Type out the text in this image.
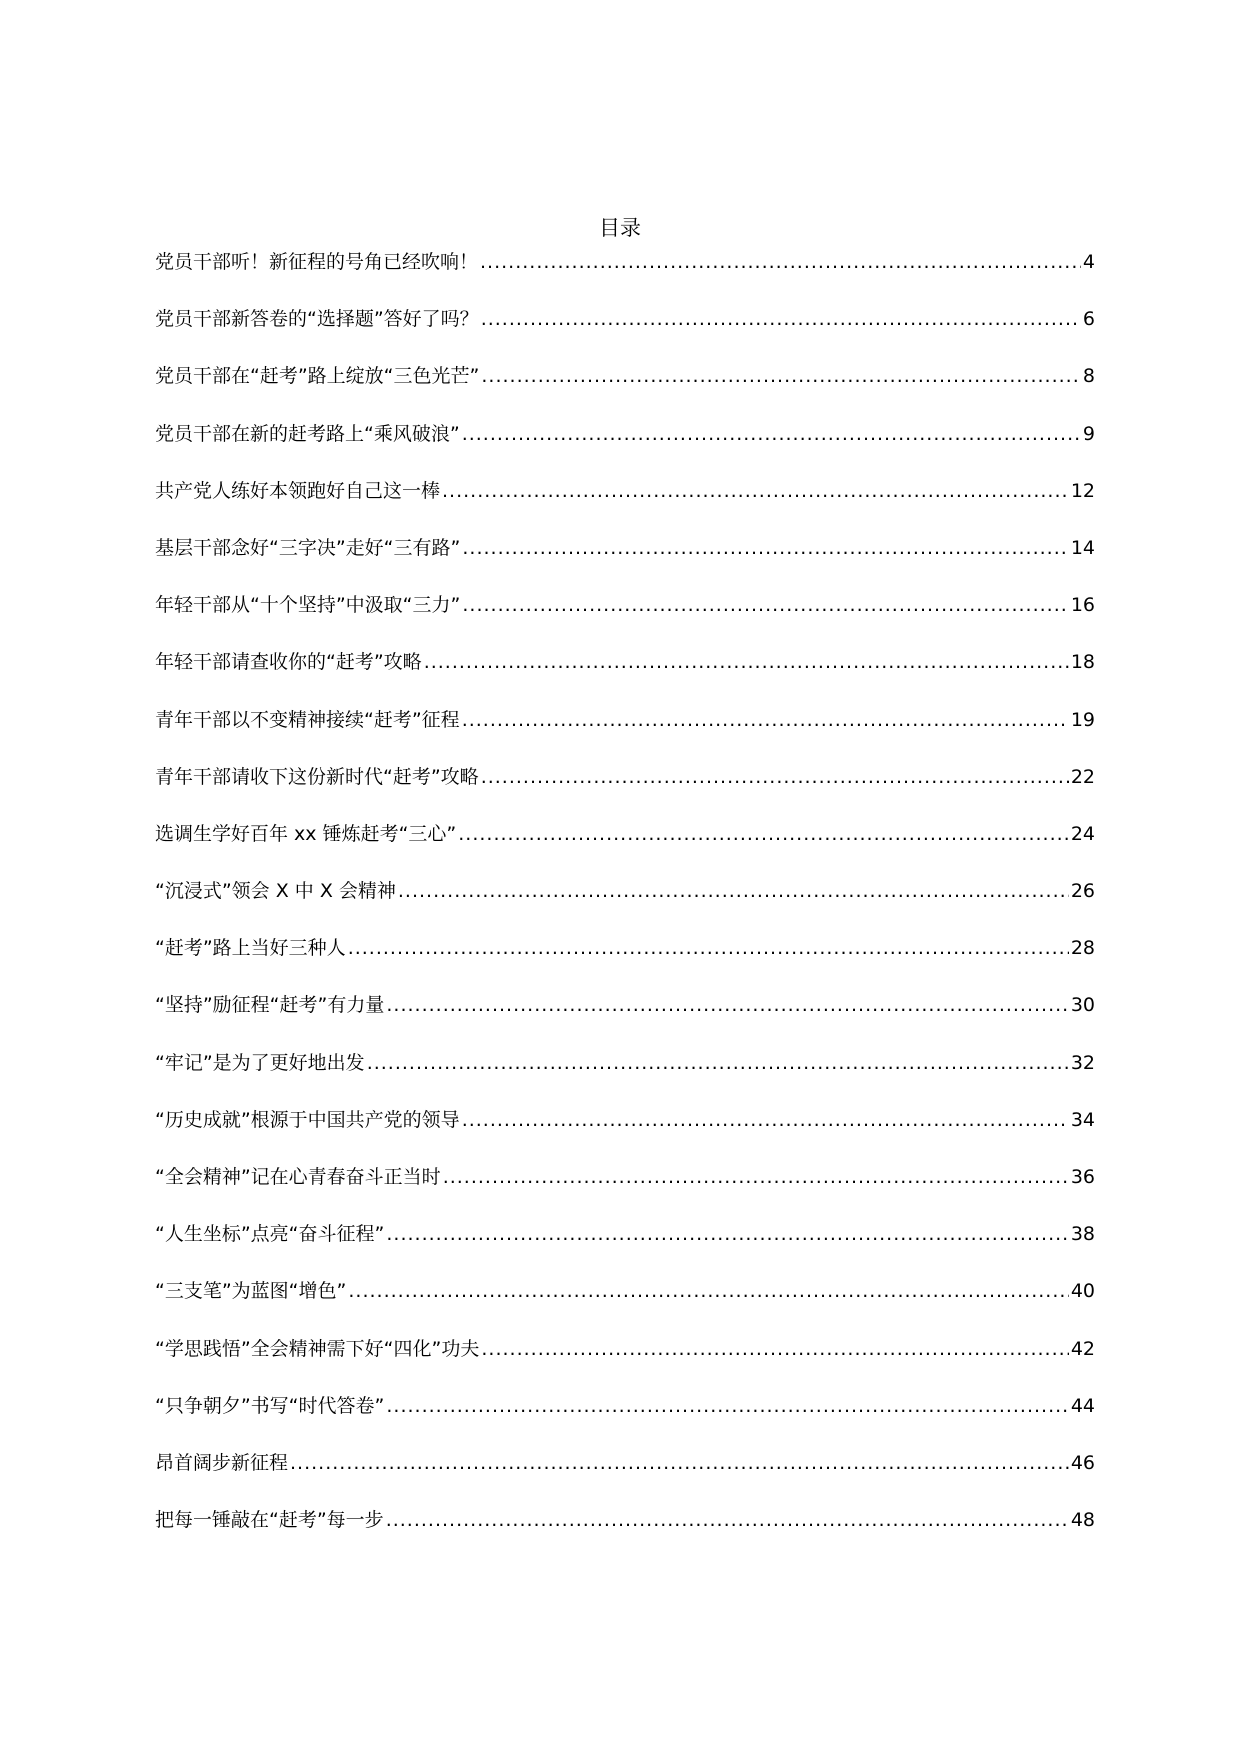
目录
党员干部听！新征程的号角已经吹响！ .....	4
党员干部新答卷的“选择题”答好了吗？ .....	6
党员干部在“赶考”路上绽放“三色光芒” .....	8
党员干部在新的赶考路上“乘风破浪” .....	9
共产党人练好本领跑好自己这一棒 .....	12
基层干部念好“三字决”走好“三有路” .....	14
年轻干部从“十个坚持”中汲取“三力” .....	16
年轻干部请查收你的“赶考”攻略 .....	18
青年干部以不变精神接续“赶考”征程 .....	19
青年干部请收下这份新时代“赶考”攻略 .....	22
选调生学好百年 xx 锤炼赶考“三心” .....	24
“沉浸式”领会 X 中 X 会精神 .....	26
“赶考”路上当好三种人 .....	28
“坚持”励征程“赶考”有力量 .....	30
“牢记”是为了更好地出发 .....	32
“历史成就”根源于中国共产党的领导 .....	34
“全会精神”记在心青春奋斗正当时 .....	36
“人生坐标”点亮“奋斗征程” .....	38
“三支笔”为蓝图“增色” .....	40
“学思践悟”全会精神需下好“四化”功夫 .....	42
“只争朝夕”书写“时代答卷” .....	44
昂首阔步新征程 .....	46
把每一锤敲在“赶考”每一步 .....	48
